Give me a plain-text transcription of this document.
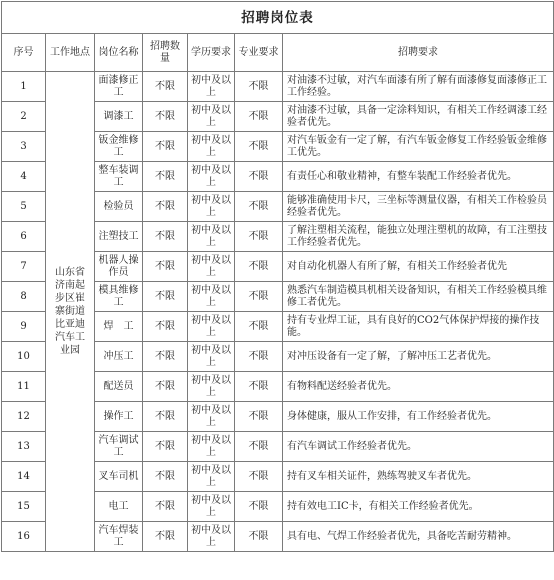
招聘岗位表						
序号	工作地点	岗位名称	招聘数量	学历要求	专业要求	招聘要求
1	山东省济南起步区崔寨街道比亚迪汽车工业园	面漆修正工	不限	初中及以上	不限	对油漆不过敏，对汽车面漆有所了解有面漆修复面漆修正工工作经验。
2		调漆工	不限	初中及以上	不限	对油漆不过敏，具备一定涂料知识，有相关工作经调漆工经验者优先。
3		钣金维修工	不限	初中及以上	不限	对汽车钣金有一定了解，有汽车钣金修复工作经验钣金维修工优先。
4		整车装调工	不限	初中及以上	不限	有责任心和敬业精神，有整车装配工作经验者优先。
5		检验员	不限	初中及以上	不限	能够准确使用卡尺，三坐标等测量仪器，有相关工作检验员经验者优先。
6		注塑技工	不限	初中及以上	不限	了解注塑相关流程，能独立处理注塑机的故障，有工注塑技工作经验者优先。
7		机器人操作员	不限	初中及以上	不限	对自动化机器人有所了解，有相关工作经验者优先
8		模具维修工	不限	初中及以上	不限	熟悉汽车制造模具机相关设备知识，有相关工作经验模具维修工者优先。
9		焊　工	不限	初中及以上	不限	持有专业焊工证，具有良好的CO2气体保护焊接的操作技能。
10		冲压工	不限	初中及以上	不限	对冲压设备有一定了解，了解冲压工艺者优先。
11		配送员	不限	初中及以上	不限	有物料配送经验者优先。
12		操作工	不限	初中及以上	不限	身体健康，服从工作安排，有工作经验者优先。
13		汽车调试工	不限	初中及以上	不限	有汽车调试工作经验者优先。
14		叉车司机	不限	初中及以上	不限	持有叉车相关证件，熟练驾驶叉车者优先。
15		电工	不限	初中及以上	不限	持有效电工IC卡，有相关工作经验者优先。
16		汽车焊装工	不限	初中及以上	不限	具有电、气焊工作经验者优先，具备吃苦耐劳精神。
